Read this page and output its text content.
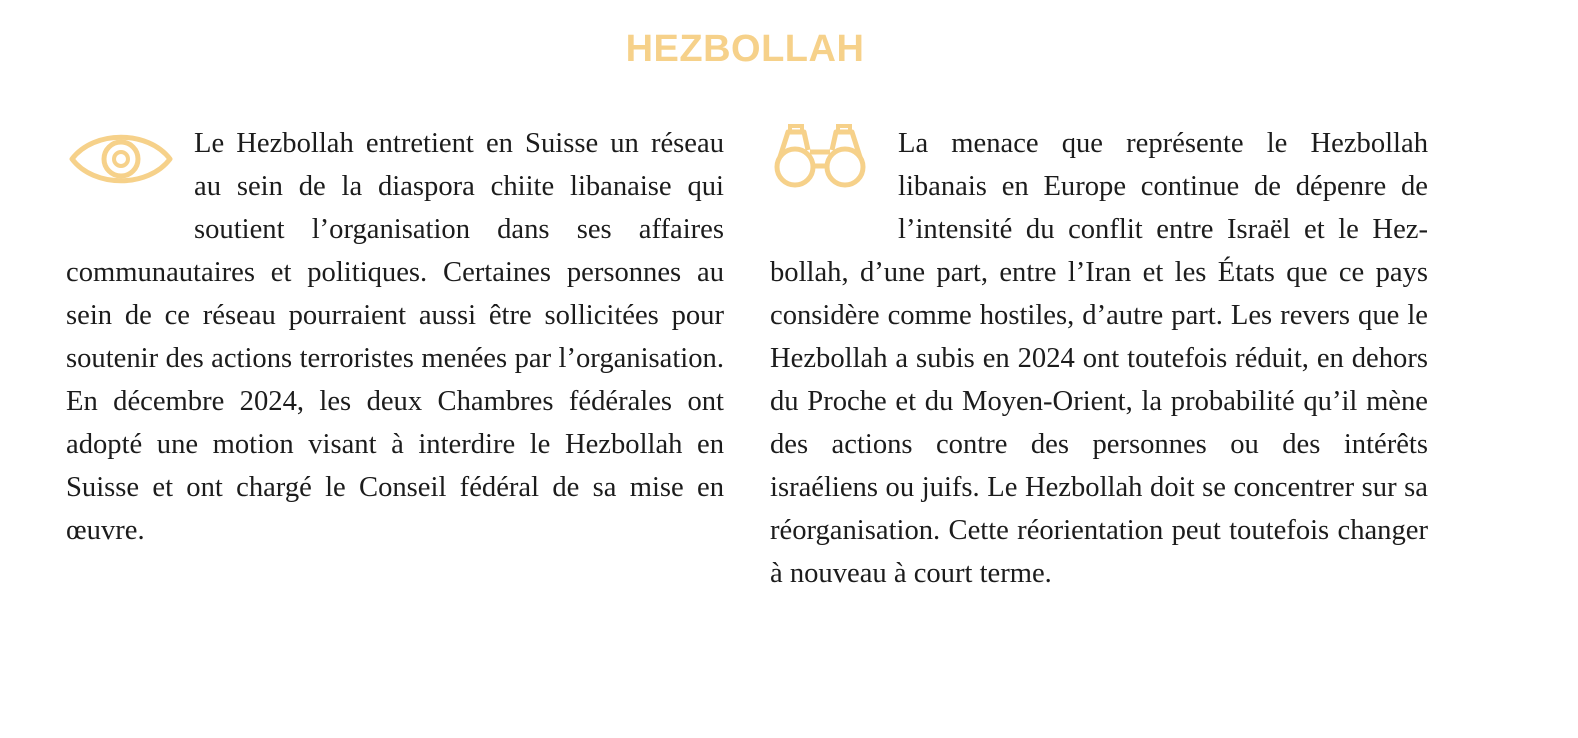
HEZBOLLAH
Le Hezbollah entretient en Suisse un réseau au sein de la diaspora chiite libanaise qui soutient l’organisation dans ses affaires communautaires et politiques. Certaines personnes au sein de ce réseau pourraient aussi être sollicitées pour soutenir des actions terroristes menées par l’organisation. En décembre 2024, les deux Chambres fédérales ont adopté une motion visant à interdire le Hezbollah en Suisse et ont chargé le Conseil fédéral de sa mise en œuvre.
La menace que représente le Hezbollah libanais en Europe continue de dépenre de l’intensité du conflit entre Israël et le Hezbollah, d’une part, entre l’Iran et les États que ce pays considère comme hostiles, d’autre part. Les revers que le Hezbollah a subis en 2024 ont toutefois réduit, en dehors du Proche et du Moyen-Orient, la probabilité qu’il mène des actions contre des personnes ou des intérêts israéliens ou juifs. Le Hezbollah doit se concentrer sur sa réorganisation. Cette réorientation peut toutefois changer à nouveau à court terme.
